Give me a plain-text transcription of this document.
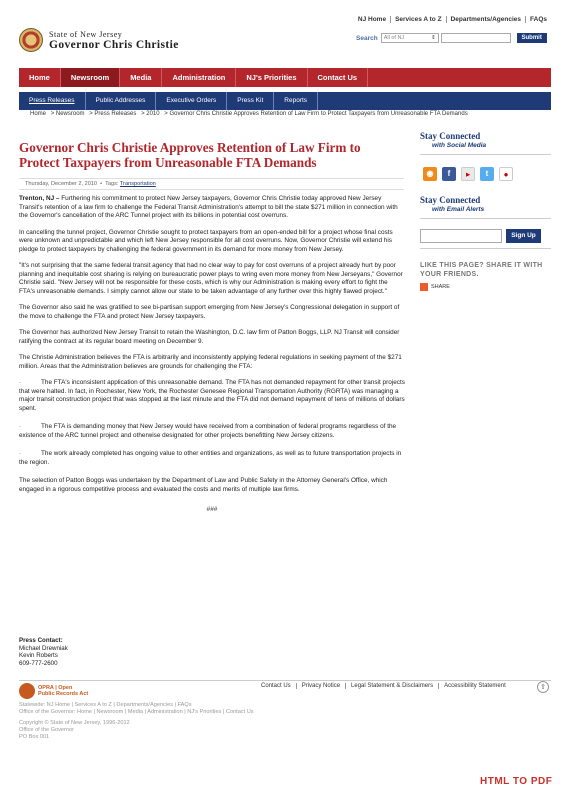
NJ Home	Services A to Z	Departments/Agencies	FAQs
State of New Jersey
Governor Chris Christie
Search	All of NJ	⇕	Submit
Home	Newsroom	Media	Administration	NJ's Priorities	Contact Us
Press Releases	Public Addresses	Executive Orders	Press Kit	Reports
Home > Newsroom > Press Releases > 2010 > Governor Chris Christie Approves Retention of Law Firm to Protect Taxpayers from Unreasonable FTA Demands
Governor Chris Christie Approves Retention of Law Firm to Protect Taxpayers from Unreasonable FTA Demands
Thursday, December 2, 2010  •  Tags: Transportation

Trenton, NJ – Furthering his commitment to protect New Jersey taxpayers, Governor Chris Christie today approved New Jersey Transit's retention of a law firm to challenge the Federal Transit Administration's attempt to bill the state $271 million in connection with the Governor's cancellation of the ARC Tunnel project with its billions in potential cost overruns.

In cancelling the tunnel project, Governor Christie sought to protect taxpayers from an open-ended bill for a project whose final costs were unknown and unpredictable and which left New Jersey responsible for all cost overruns. Now, Governor Christie will extend his pledge to protect taxpayers by challenging the federal government in its demand for more money from New Jersey.

"It's not surprising that the same federal transit agency that had no clear way to pay for cost overruns of a project already hurt by poor planning and inequitable cost sharing is relying on bureaucratic power plays to wring even more money from New Jerseyans," Governor Christie said. "New Jersey will not be responsible for these costs, which is why our Administration is making every effort to fight the FTA's unreasonable demands. I simply cannot allow our state to be taken advantage of any further over this highly flawed project."

The Governor also said he was gratified to see bi-partisan support emerging from New Jersey's Congressional delegation in support of the move to challenge the FTA and protect New Jersey taxpayers.

The Governor has authorized New Jersey Transit to retain the Washington, D.C. law firm of Patton Boggs, LLP. NJ Transit will consider ratifying the contract at its regular board meeting on December 9.

The Christie Administration believes the FTA is arbitrarily and inconsistently applying federal regulations in seeking payment of the $271 million. Areas that the Administration believes are grounds for challenging the FTA:

·	The FTA's inconsistent application of this unreasonable demand. The FTA has not demanded repayment for other transit projects that were halted. In fact, in Rochester, New York, the Rochester Genesee Regional Transportation Authority (RGRTA) was managing a major transit construction project that was stopped at the last minute and the FTA did not demand repayment of tens of millions of dollars spent.

·	The FTA is demanding money that New Jersey would have received from a combination of federal programs regardless of the existence of the ARC tunnel project and otherwise designated for other projects benefitting New Jersey citizens.

·	The work already completed has ongoing value to other entities and organizations, as well as to future transportation projects in the region.

The selection of Patton Boggs was undertaken by the Department of Law and Public Safety in the Attorney General's Office, which engaged in a rigorous competitive process and evaluated the costs and merits of multiple law firms.

###
Press Contact:
Michael Drewniak
Kevin Roberts
609-777-2600
Stay Connected
with Social Media
◉	f	▶	t	●
Stay Connected
with Email Alerts
Sign Up
LIKE THIS PAGE? SHARE IT WITH YOUR FRIENDS.
SHARE
OPRA | Open
Public Records Act
Contact Us	Privacy Notice	Legal Statement & Disclaimers	Accessibility Statement	⇧
Statewide: NJ Home | Services A to Z | Departments/Agencies | FAQs
Office of the Governor: Home | Newsroom | Media | Administration | NJ's Priorities | Contact Us
Copyright © State of New Jersey, 1996-2012
Office of the Governor
PO Box 001
HTML TO PDF
